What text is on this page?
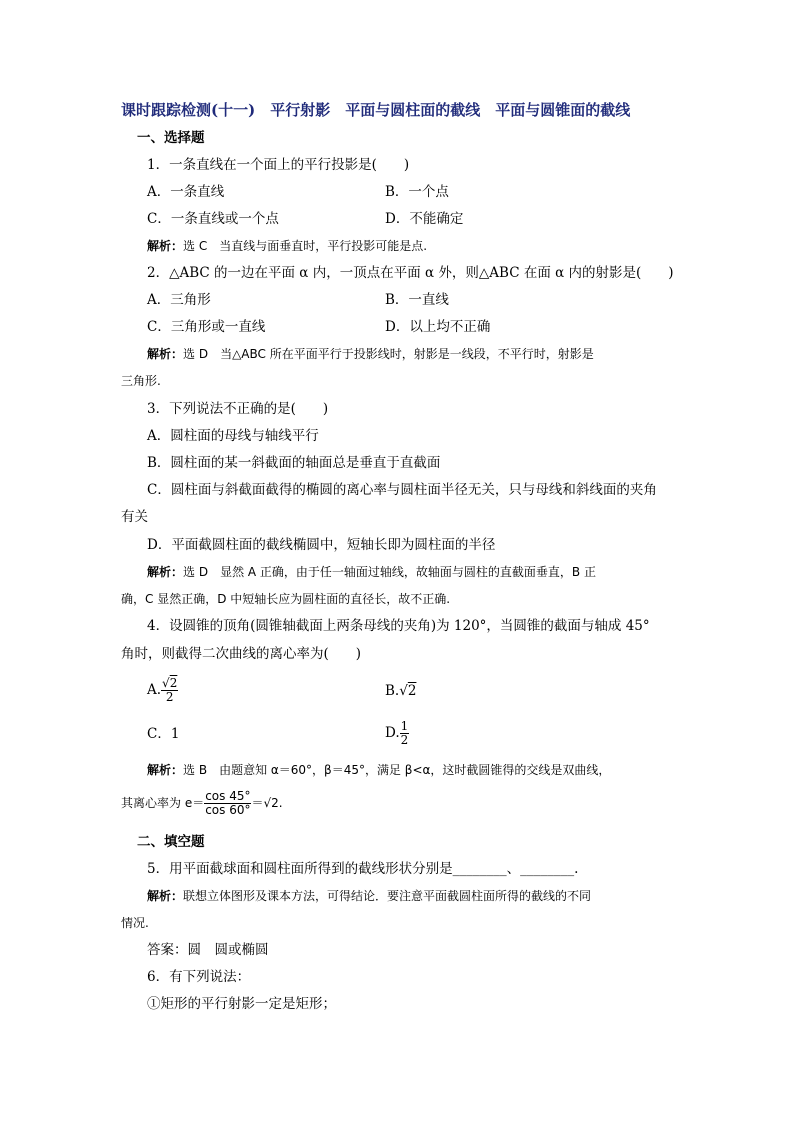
课时跟踪检测(十一)　平行射影　平面与圆柱面的截线　平面与圆锥面的截线
一、选择题
1．一条直线在一个面上的平行投影是(　　)
A．一条直线	B．一个点
C．一条直线或一个点	D．不能确定
解析：选 C　当直线与面垂直时，平行投影可能是点.
2．△ABC 的一边在平面 α 内，一顶点在平面 α 外，则△ABC 在面 α 内的射影是(　　)
A．三角形	B．一直线
C．三角形或一直线	D．以上均不正确
解析：选 D　当△ABC 所在平面平行于投影线时，射影是一线段，不平行时，射影是
三角形.
3．下列说法不正确的是(　　)
A．圆柱面的母线与轴线平行
B．圆柱面的某一斜截面的轴面总是垂直于直截面
C．圆柱面与斜截面截得的椭圆的离心率与圆柱面半径无关，只与母线和斜线面的夹角
有关
D．平面截圆柱面的截线椭圆中，短轴长即为圆柱面的半径
解析：选 D　显然 A 正确，由于任一轴面过轴线，故轴面与圆柱的直截面垂直，B 正
确，C 显然正确，D 中短轴长应为圆柱面的直径长，故不正确.
4．设圆锥的顶角(圆锥轴截面上两条母线的夹角)为 120°，当圆锥的截面与轴成 45°
角时，则截得二次曲线的离心率为(　　)
A. $\frac{√2}{2}$	B.√2
C．1	D. $\frac{1}{2}$
解析：选 B　由题意知 α＝60°，β＝45°，满足 β<α，这时截圆锥得的交线是双曲线，
其离心率为 $e= \frac{\cos 45^\circ}{\cos 60^\circ} =√2$.
二、填空题
5．用平面截球面和圆柱面所得到的截线形状分别是________、________.
解析：联想立体图形及课本方法，可得结论．要注意平面截圆柱面所得的截线的不同
情况.
答案：圆　圆或椭圆
6．有下列说法：
①矩形的平行射影一定是矩形；
